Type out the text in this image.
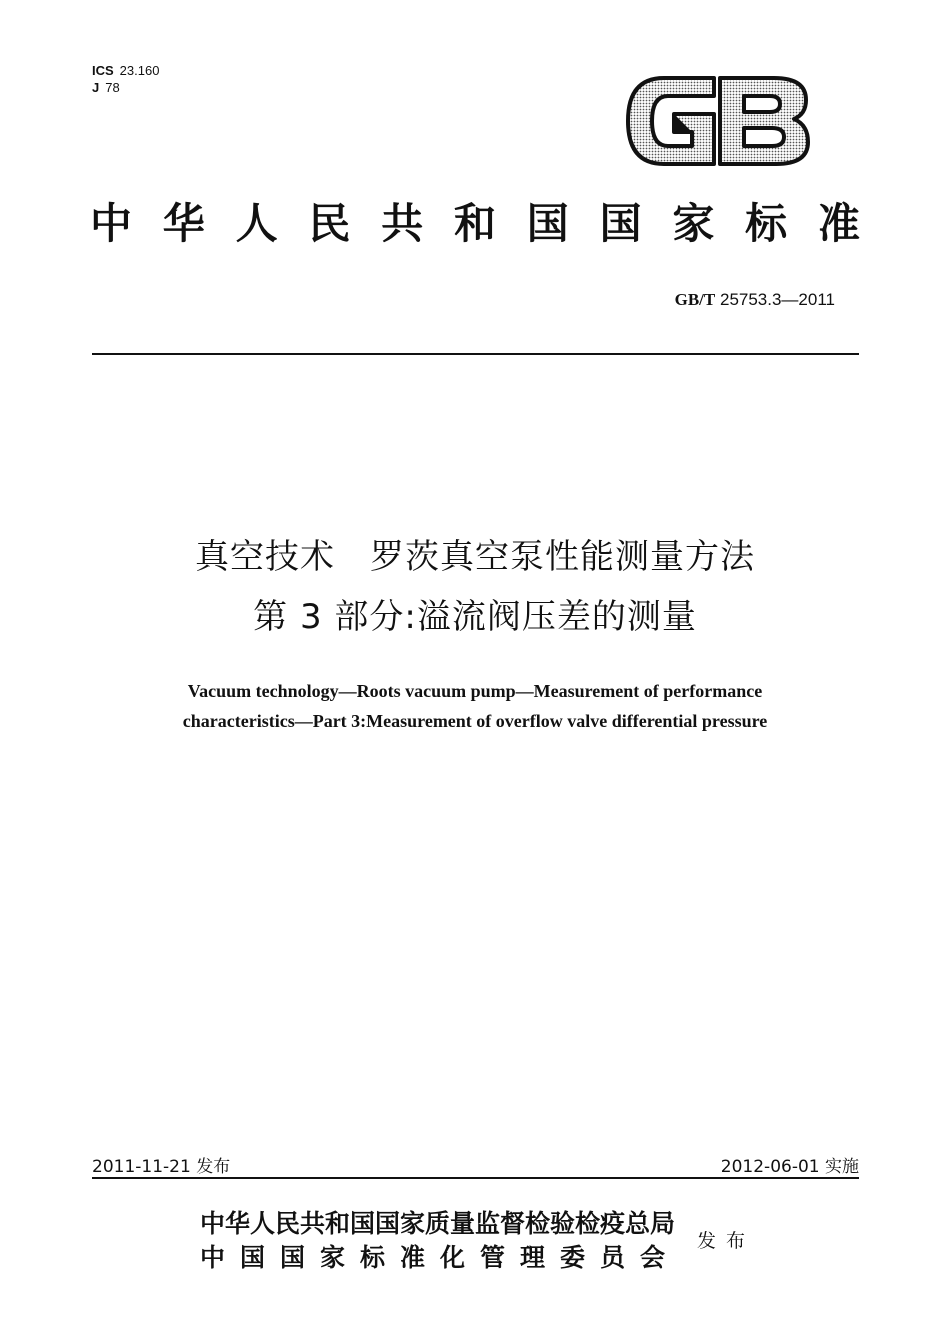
ICS 23.160
J 78
中 华 人 民 共 和 国 国 家 标 准
GB/T 25753.3—2011
真空技术　罗茨真空泵性能测量方法
第 3 部分:溢流阀压差的测量
Vacuum technology—Roots vacuum pump—Measurement of performance
characteristics—Part 3:Measurement of overflow valve differential pressure
2011-11-21 发布	2012-06-01 实施
中华人民共和国国家质量监督检验检疫总局
中国国家标准化管理委员会
发布
